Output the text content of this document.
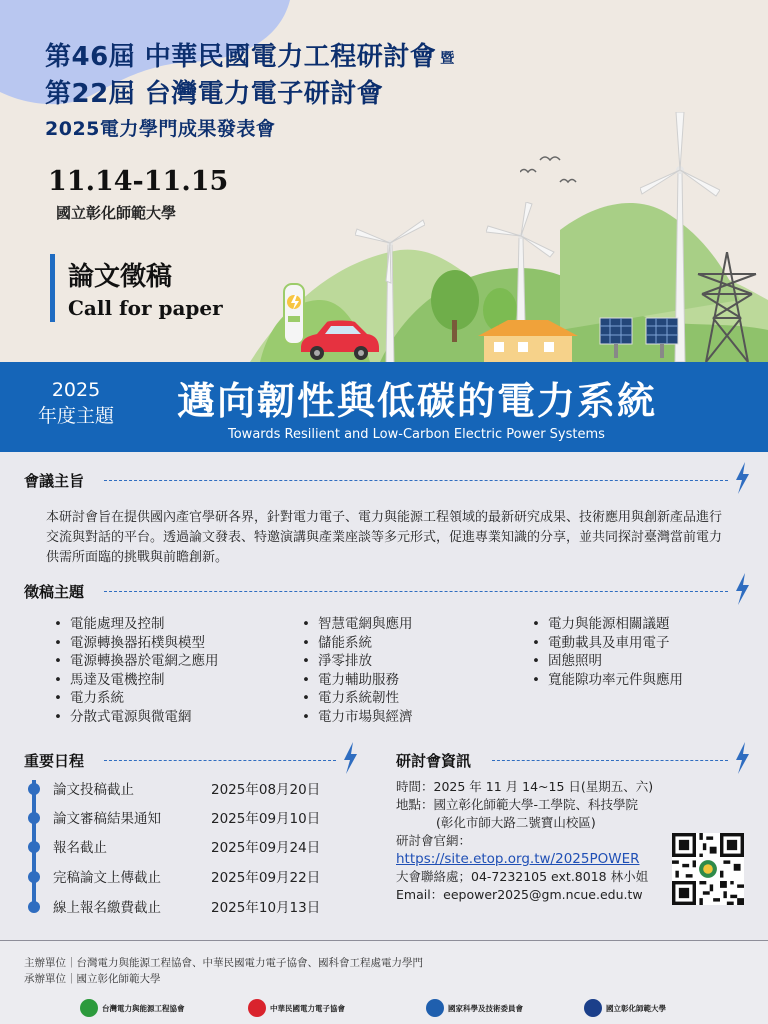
第46屆 中華民國電力工程研討會 暨
第22屆 台灣電力電子研討會
2025電力學門成果發表會
11.14-11.15
國立彰化師範大學
論文徵稿
Call for paper
2025
年度主題 邁向韌性與低碳的電力系統
Towards Resilient and Low-Carbon Electric Power Systems
會議主旨

本研討會旨在提供國內產官學研各界，針對電力電子、電力與能源工程領域的最新研究成果、技術應用與創新產品進行交流與對話的平台。透過論文發表、特邀演講與產業座談等多元形式，促進專業知識的分享，並共同探討臺灣當前電力供需所面臨的挑戰與前瞻創新。

徵稿主題
• 電能處理及控制
• 電源轉換器拓樸與模型
• 電源轉換器於電網之應用
• 馬達及電機控制
• 電力系統
• 分散式電源與微電網
• 智慧電網與應用
• 儲能系統
• 淨零排放
• 電力輔助服務
• 電力系統韌性
• 電力市場與經濟
• 電力與能源相關議題
• 電動載具及車用電子
• 固態照明
• 寬能隙功率元件與應用
重要日程
論文投稿截止	2025年08月20日
論文審稿結果通知	2025年09月10日
報名截止	2025年09月24日
完稿論文上傳截止	2025年09月22日
線上報名繳費截止	2025年10月13日
研討會資訊
時間：2025 年 11 月 14~15 日(星期五、六)
地點：國立彰化師範大學-工學院、科技學院
(彰化市師大路二號寶山校區)
研討會官網：
https://site.etop.org.tw/2025POWER
大會聯絡處；04-7232105 ext.8018 林小姐
Email：eepower2025@gm.ncue.edu.tw
主辦單位｜台灣電力與能源工程協會、中華民國電力電子協會、國科會工程處電力學門
承辦單位｜國立彰化師範大學
台灣電力與能源工程協會	中華民國電力電子協會	國家科學及技術委員會	國立彰化師範大學
